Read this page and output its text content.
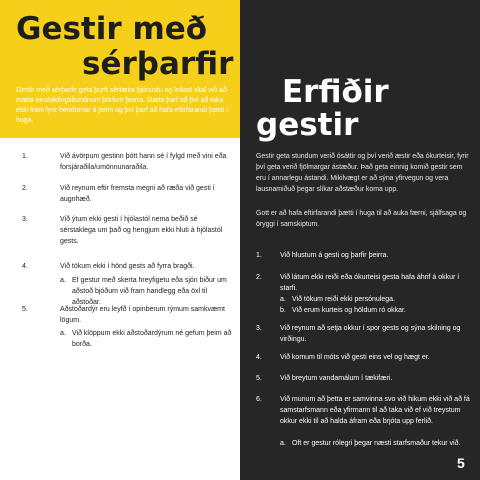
Gestir með
sérþarfir

Gestir með sérþarfir geta þurft sértæka þjónustu og leitast skal við að mæta einstaklingsbundnum þörfum þeirra. Gæta þarf að því að taka ekki fram fyrir hendurnar á þeim og því þarf að hafa eftirfarandi þætti í huga.

1.	Við ávörpum gestinn þótt hann sé í fylgd með vini eða forsjáraðila/umönnunaraðila.
2.	Við reynum eftir fremsta megni að ræða við gesti í augnhæð.
3.	Við ýtum ekki gesti í hjólastól nema beðið sé sérstaklega um það og hengjum ekki hluti á hjólastól gests.
4.	Við tökum ekki í hönd gests að fyrra bragði.
a. Ef gestur með skerta hreyfigetu eða sjón biður um aðstoð bjóðum við fram handlegg eða öxl til aðstoðar.
5.	Aðstoðardýr eru leyfð í opinberum rýmum samkvæmt lögum.
a. Við klöppum ekki aðstoðardýrum né gefum þeim að borða.
Erfiðir
gestir

Gestir geta stundum verið ósáttir og því verið æstir eða ókurteisir, fyrir því geta verið fjölmargar ástæður. Það geta einnig komið gestir sem eru í annarlegu ástandi. Mikilvægt er að sýna yfirvegun og vera lausnamiðuð þegar slíkar aðstæður koma upp.

Gott er að hafa eftirfarandi þætti í huga til að auka færni, sjálfsaga og öryggi í samskiptum.

1.	Við hlustum á gesti og þarfir þeirra.
2.	Við látum ekki reiði eða ókurteisi gesta hafa áhrif á okkur í starfi.
a. Við tökum reiði ekki persónulega.
b. Við erum kurteis og höldum ró okkar.
3.	Við reynum að setja okkur í spor gests og sýna skilning og virðingu.
4.	Við komum til móts við gesti eins vel og hægt er.
5.	Við breytum vandamálum í tækifæri.
6.	Við munum að þetta er samvinna svo við hikum ekki við að fá samstarfsmann eða yfirmann til að taka við ef við treystum okkur ekki til að halda áfram eða brjóta upp ferlið.
a. Oft er gestur rólegri þegar næsti starfsmaður tekur við.
5
